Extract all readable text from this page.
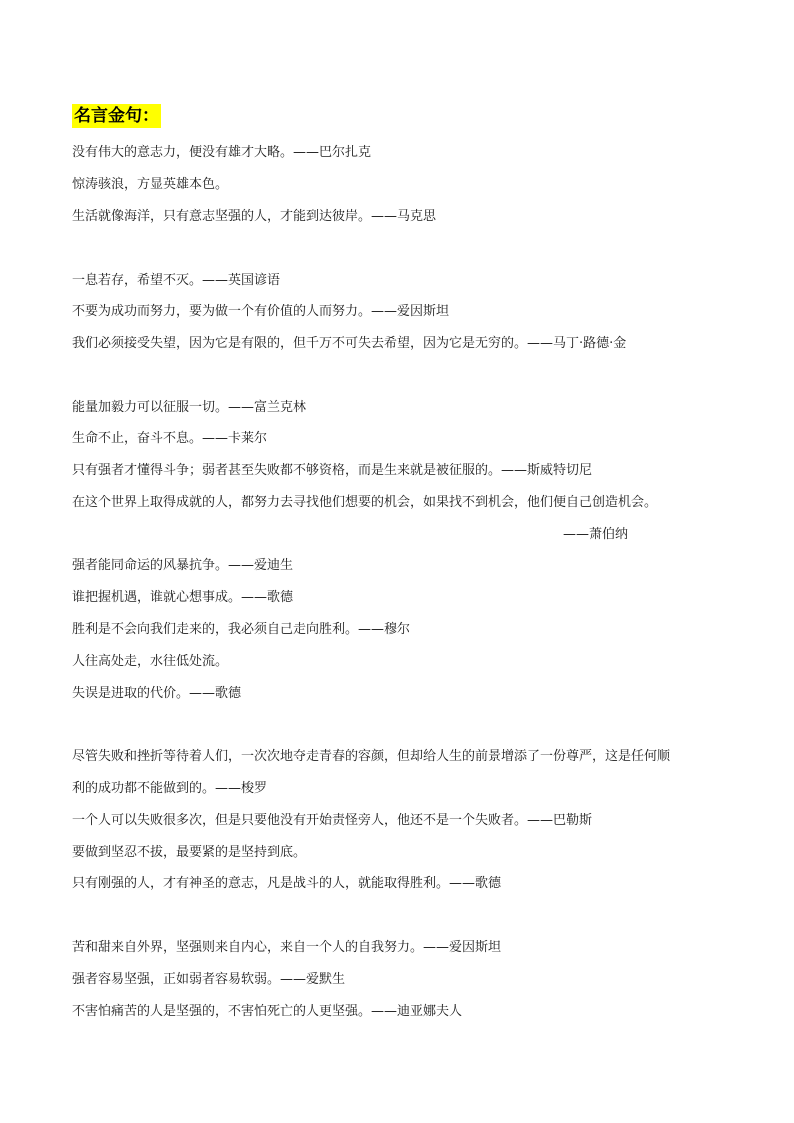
名言金句：
没有伟大的意志力，便没有雄才大略。——巴尔扎克
惊涛骇浪，方显英雄本色。
生活就像海洋，只有意志坚强的人，才能到达彼岸。——马克思
一息若存，希望不灭。——英国谚语
不要为成功而努力，要为做一个有价值的人而努力。——爱因斯坦
我们必须接受失望，因为它是有限的，但千万不可失去希望，因为它是无穷的。——马丁·路德·金
能量加毅力可以征服一切。——富兰克林
生命不止，奋斗不息。——卡莱尔
只有强者才懂得斗争；弱者甚至失败都不够资格，而是生来就是被征服的。——斯威特切尼
在这个世界上取得成就的人，都努力去寻找他们想要的机会，如果找不到机会，他们便自己创造机会。
——萧伯纳
强者能同命运的风暴抗争。——爱迪生
谁把握机遇，谁就心想事成。——歌德
胜利是不会向我们走来的，我必须自己走向胜利。——穆尔
人往高处走，水往低处流。
失误是进取的代价。——歌德
尽管失败和挫折等待着人们，一次次地夺走青春的容颜，但却给人生的前景增添了一份尊严，这是任何顺
利的成功都不能做到的。——梭罗
一个人可以失败很多次，但是只要他没有开始责怪旁人，他还不是一个失败者。——巴勒斯
要做到坚忍不拔，最要紧的是坚持到底。
只有刚强的人，才有神圣的意志，凡是战斗的人，就能取得胜利。——歌德
苦和甜来自外界，坚强则来自内心，来自一个人的自我努力。——爱因斯坦
强者容易坚强，正如弱者容易软弱。——爱默生
不害怕痛苦的人是坚强的，不害怕死亡的人更坚强。——迪亚娜夫人
